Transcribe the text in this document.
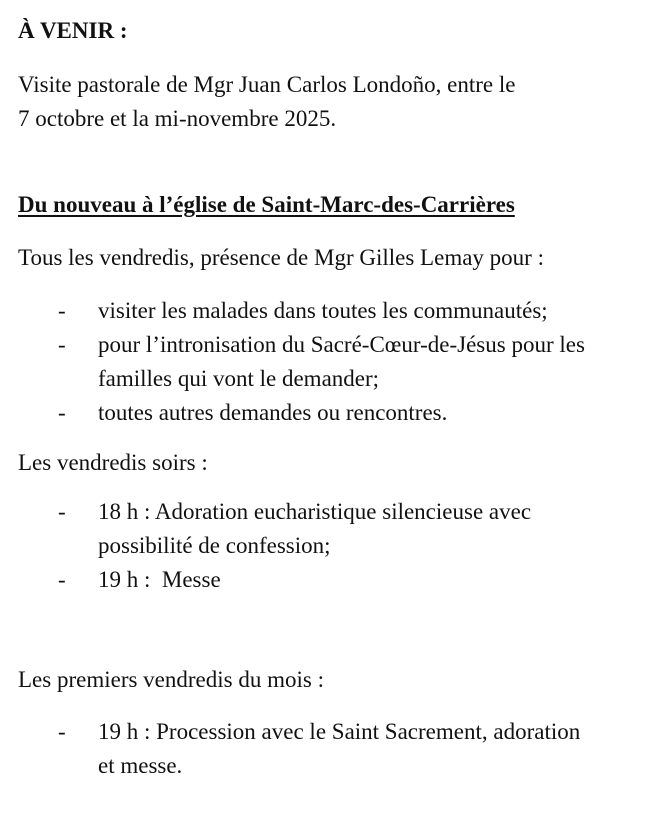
À VENIR :

Visite pastorale de Mgr Juan Carlos Londoño, entre le

7 octobre et la mi-novembre 2025.

Du nouveau à l’église de Saint-Marc-des-Carrières

Tous les vendredis, présence de Mgr Gilles Lemay pour :

- visiter les malades dans toutes les communautés;
- pour l’intronisation du Sacré-Cœur-de-Jésus pour les
familles qui vont le demander;
- toutes autres demandes ou rencontres.

Les vendredis soirs :

- 18 h : Adoration eucharistique silencieuse avec
possibilité de confession;
- 19 h :  Messe

Les premiers vendredis du mois :

- 19 h : Procession avec le Saint Sacrement, adoration
et messe.
